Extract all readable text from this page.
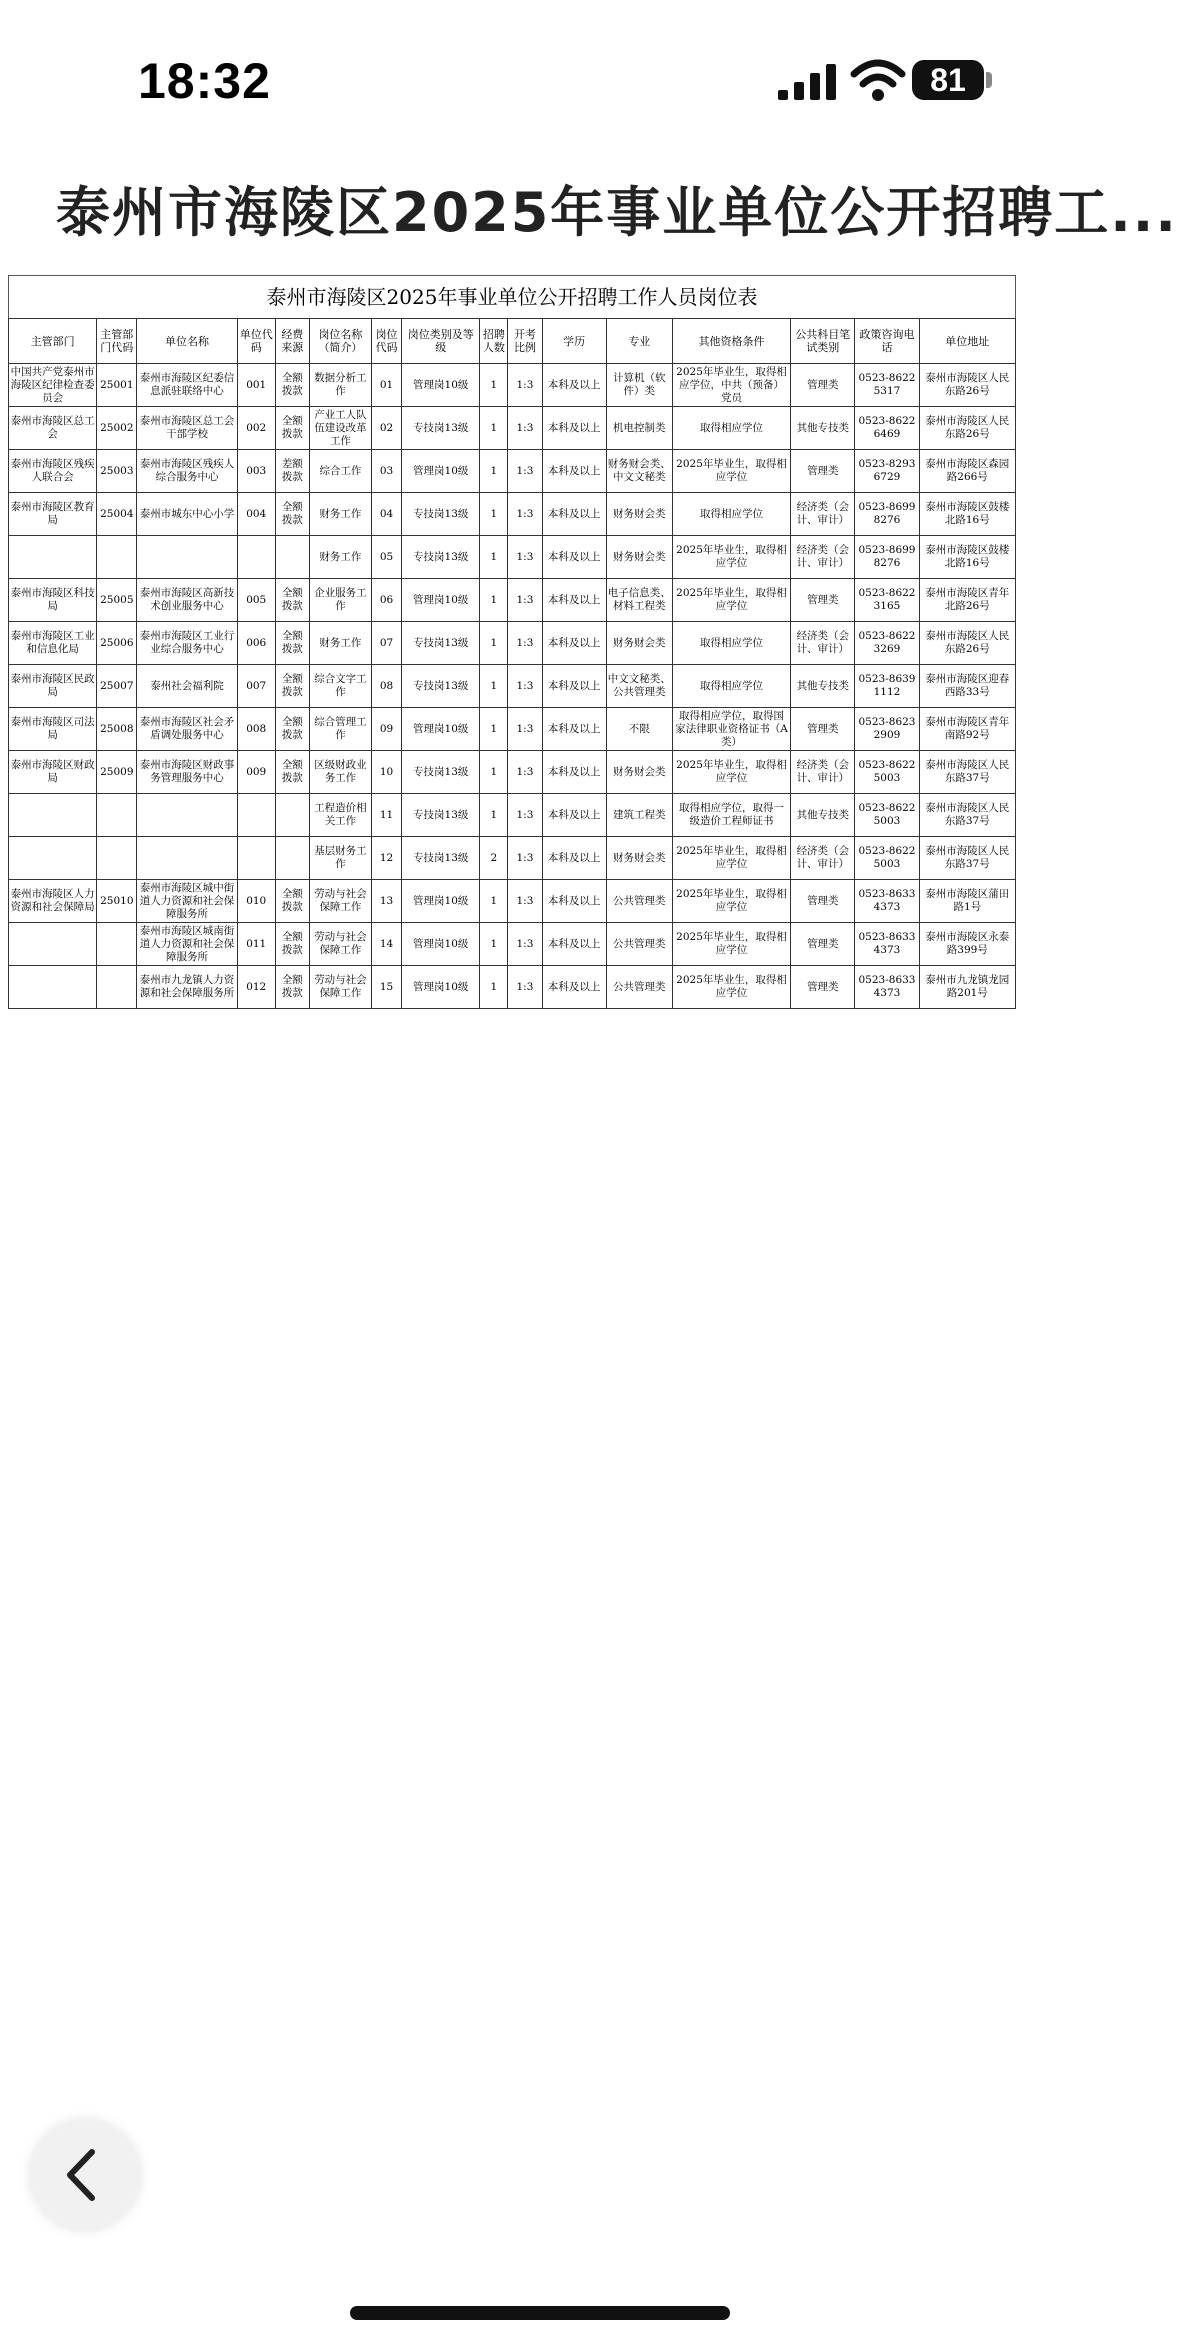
18:32	81
泰州市海陵区2025年事业单位公开招聘工...
泰州市海陵区2025年事业单位公开招聘工作人员岗位表
主管部门	主管部门代码	单位名称	单位代码	经费来源	岗位名称（简介）	岗位代码	岗位类别及等级	招聘人数	开考比例	学历	专业	其他资格条件	公共科目笔试类别	政策咨询电话	单位地址
中国共产党泰州市海陵区纪律检查委员会	25001	泰州市海陵区纪委信息派驻联络中心	001	全额拨款	数据分析工作	01	管理岗10级	1	1:3	本科及以上	计算机（软件）类	2025年毕业生，取得相应学位，中共（预备）党员	管理类	0523-86225317	泰州市海陵区人民东路26号
泰州市海陵区总工会	25002	泰州市海陵区总工会干部学校	002	全额拨款	产业工人队伍建设改革工作	02	专技岗13级	1	1:3	本科及以上	机电控制类	取得相应学位	其他专技类	0523-86226469	泰州市海陵区人民东路26号
泰州市海陵区残疾人联合会	25003	泰州市海陵区残疾人综合服务中心	003	差额拨款	综合工作	03	管理岗10级	1	1:3	本科及以上	财务财会类、中文文秘类	2025年毕业生，取得相应学位	管理类	0523-82936729	泰州市海陵区森园路266号
泰州市海陵区教育局	25004	泰州市城东中心小学	004	全额拨款	财务工作	04	专技岗13级	1	1:3	本科及以上	财务财会类	取得相应学位	经济类（会计、审计）	0523-86998276	泰州市海陵区鼓楼北路16号
					财务工作	05	专技岗13级	1	1:3	本科及以上	财务财会类	2025年毕业生，取得相应学位	经济类（会计、审计）	0523-86998276	泰州市海陵区鼓楼北路16号
泰州市海陵区科技局	25005	泰州市海陵区高新技术创业服务中心	005	全额拨款	企业服务工作	06	管理岗10级	1	1:3	本科及以上	电子信息类、材料工程类	2025年毕业生，取得相应学位	管理类	0523-86223165	泰州市海陵区青年北路26号
泰州市海陵区工业和信息化局	25006	泰州市海陵区工业行业综合服务中心	006	全额拨款	财务工作	07	专技岗13级	1	1:3	本科及以上	财务财会类	取得相应学位	经济类（会计、审计）	0523-86223269	泰州市海陵区人民东路26号
泰州市海陵区民政局	25007	泰州社会福利院	007	全额拨款	综合文字工作	08	专技岗13级	1	1:3	本科及以上	中文文秘类、公共管理类	取得相应学位	其他专技类	0523-86391112	泰州市海陵区迎春西路33号
泰州市海陵区司法局	25008	泰州市海陵区社会矛盾调处服务中心	008	全额拨款	综合管理工作	09	管理岗10级	1	1:3	本科及以上	不限	取得相应学位，取得国家法律职业资格证书（A类）	管理类	0523-86232909	泰州市海陵区青年南路92号
泰州市海陵区财政局	25009	泰州市海陵区财政事务管理服务中心	009	全额拨款	区级财政业务工作	10	专技岗13级	1	1:3	本科及以上	财务财会类	2025年毕业生，取得相应学位	经济类（会计、审计）	0523-86225003	泰州市海陵区人民东路37号
					工程造价相关工作	11	专技岗13级	1	1:3	本科及以上	建筑工程类	取得相应学位，取得一级造价工程师证书	其他专技类	0523-86225003	泰州市海陵区人民东路37号
					基层财务工作	12	专技岗13级	2	1:3	本科及以上	财务财会类	2025年毕业生，取得相应学位	经济类（会计、审计）	0523-86225003	泰州市海陵区人民东路37号
泰州市海陵区人力资源和社会保障局	25010	泰州市海陵区城中街道人力资源和社会保障服务所	010	全额拨款	劳动与社会保障工作	13	管理岗10级	1	1:3	本科及以上	公共管理类	2025年毕业生，取得相应学位	管理类	0523-86334373	泰州市海陵区蒲田路1号
		泰州市海陵区城南街道人力资源和社会保障服务所	011	全额拨款	劳动与社会保障工作	14	管理岗10级	1	1:3	本科及以上	公共管理类	2025年毕业生，取得相应学位	管理类	0523-86334373	泰州市海陵区永泰路399号
		泰州市九龙镇人力资源和社会保障服务所	012	全额拨款	劳动与社会保障工作	15	管理岗10级	1	1:3	本科及以上	公共管理类	2025年毕业生，取得相应学位	管理类	0523-86334373	泰州市九龙镇龙园路201号
